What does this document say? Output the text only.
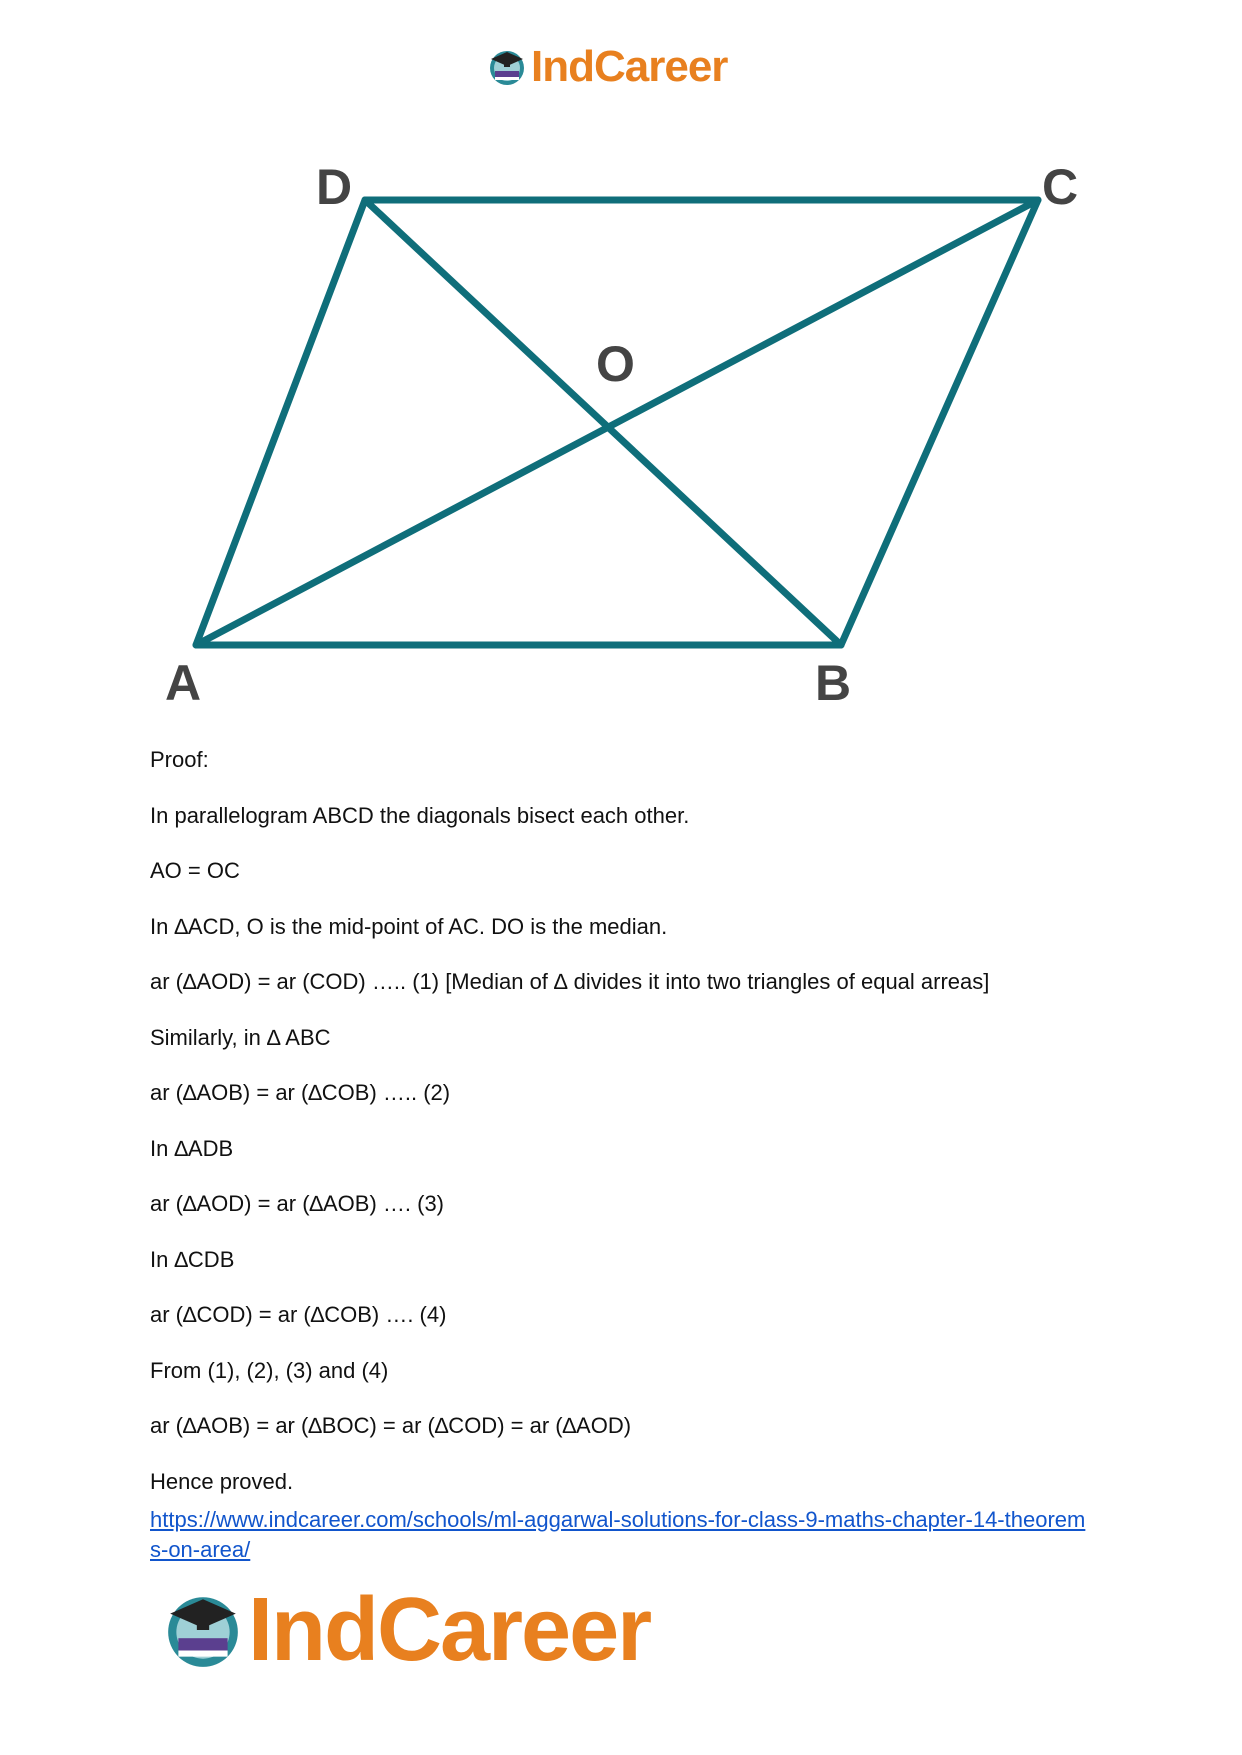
IndCareer
D	C
O
A	B

Proof:

In parallelogram ABCD the diagonals bisect each other.

AO = OC

In ∆ACD, O is the mid-point of AC. DO is the median.

ar (∆AOD) = ar (COD) ….. (1) [Median of ∆ divides it into two triangles of equal arreas]

Similarly, in ∆ ABC

ar (∆AOB) = ar (∆COB) ….. (2)

In ∆ADB

ar (∆AOD) = ar (∆AOB) …. (3)

In ∆CDB

ar (∆COD) = ar (∆COB) …. (4)

From (1), (2), (3) and (4)

ar (∆AOB) = ar (∆BOC) = ar (∆COD) = ar (∆AOD)

Hence proved.

https://www.indcareer.com/schools/ml-aggarwal-solutions-for-class-9-maths-chapter-14-theorems-on-area/
IndCareer
